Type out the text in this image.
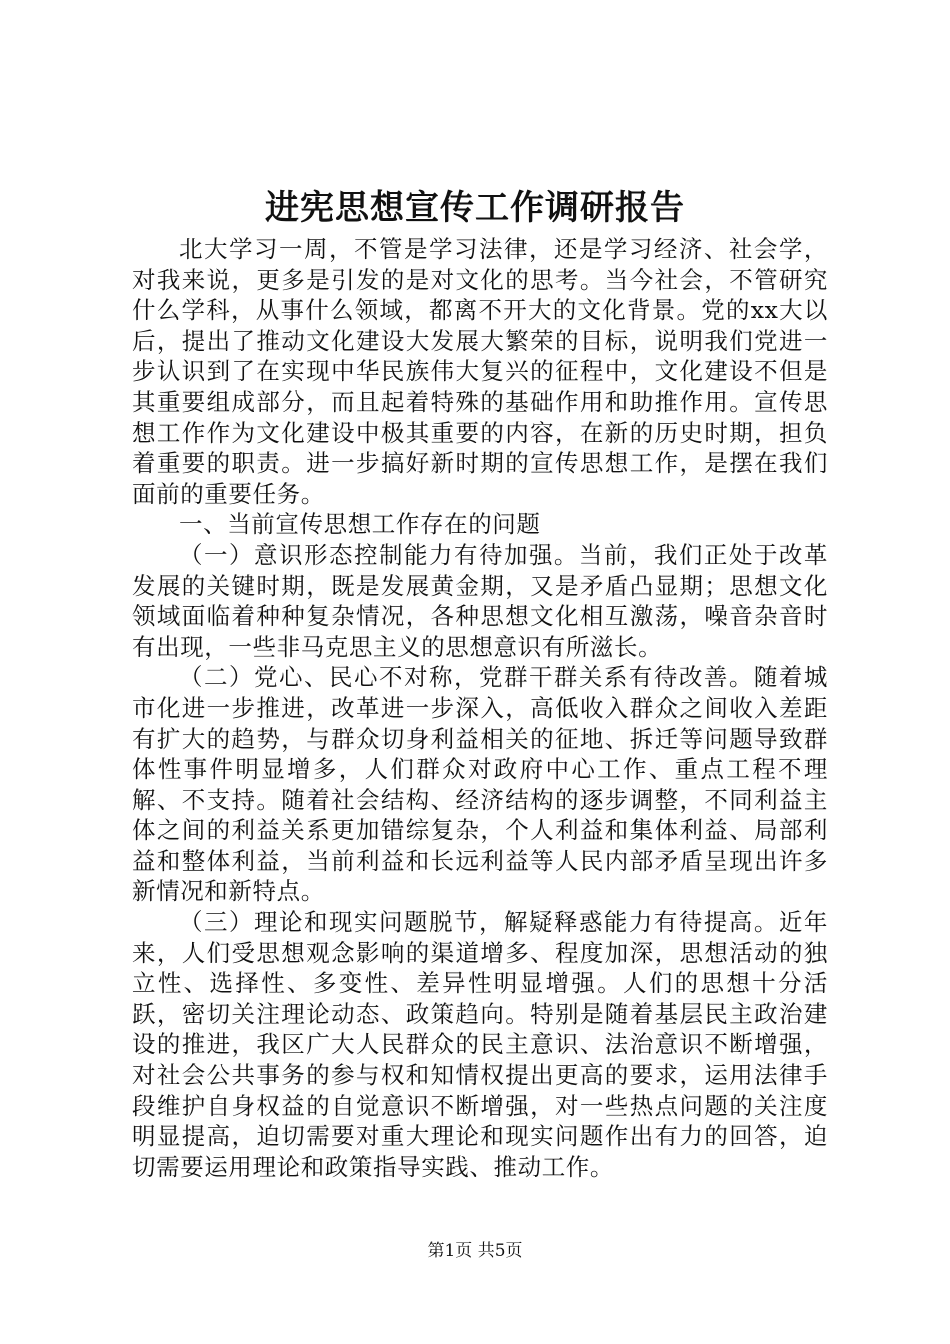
进宪思想宣传工作调研报告

北大学习一周，不管是学习法律，还是学习经济、社会学，对我来说，更多是引发的是对文化的思考。当今社会，不管研究什么学科，从事什么领域，都离不开大的文化背景。党的xx大以后，提出了推动文化建设大发展大繁荣的目标，说明我们党进一步认识到了在实现中华民族伟大复兴的征程中，文化建设不但是其重要组成部分，而且起着特殊的基础作用和助推作用。宣传思想工作作为文化建设中极其重要的内容，在新的历史时期，担负着重要的职责。进一步搞好新时期的宣传思想工作，是摆在我们面前的重要任务。

一、当前宣传思想工作存在的问题

（一）意识形态控制能力有待加强。当前，我们正处于改革发展的关键时期，既是发展黄金期，又是矛盾凸显期；思想文化领域面临着种种复杂情况，各种思想文化相互激荡，噪音杂音时有出现，一些非马克思主义的思想意识有所滋长。

（二）党心、民心不对称，党群干群关系有待改善。随着城市化进一步推进，改革进一步深入，高低收入群众之间收入差距有扩大的趋势，与群众切身利益相关的征地、拆迁等问题导致群体性事件明显增多，人们群众对政府中心工作、重点工程不理解、不支持。随着社会结构、经济结构的逐步调整，不同利益主体之间的利益关系更加错综复杂，个人利益和集体利益、局部利益和整体利益，当前利益和长远利益等人民内部矛盾呈现出许多新情况和新特点。

（三）理论和现实问题脱节，解疑释惑能力有待提高。近年来，人们受思想观念影响的渠道增多、程度加深，思想活动的独立性、选择性、多变性、差异性明显增强。人们的思想十分活跃，密切关注理论动态、政策趋向。特别是随着基层民主政治建设的推进，我区广大人民群众的民主意识、法治意识不断增强，对社会公共事务的参与权和知情权提出更高的要求，运用法律手段维护自身权益的自觉意识不断增强，对一些热点问题的关注度明显提高，迫切需要对重大理论和现实问题作出有力的回答，迫切需要运用理论和政策指导实践、推动工作。

第1页 共5页
